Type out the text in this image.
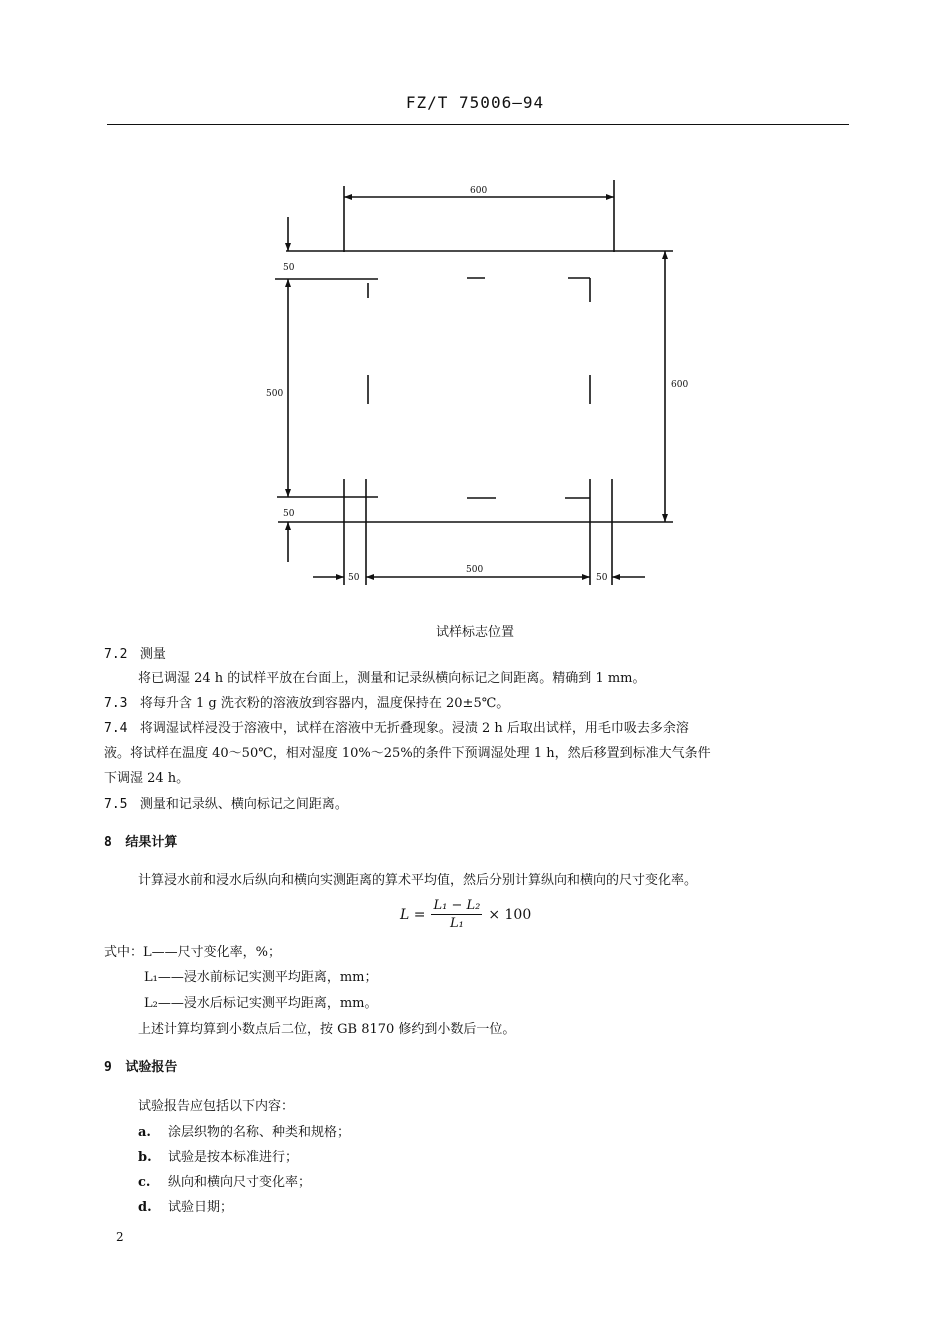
FZ/T 75006—94
600
600
50
500
50
50
500
50
试样标志位置
7.2 测量
将已调湿 24 h 的试样平放在台面上，测量和记录纵横向标记之间距离。精确到 1 mm。
7.3 将每升含 1 g 洗衣粉的溶液放到容器内，温度保持在 20±5℃。
7.4 将调湿试样浸没于溶液中，试样在溶液中无折叠现象。浸渍 2 h 后取出试样，用毛巾吸去多余溶
液。将试样在温度 40～50℃，相对湿度 10%～25%的条件下预调湿处理 1 h，然后移置到标准大气条件
下调湿 24 h。
7.5 测量和记录纵、横向标记之间距离。
8 结果计算
计算浸水前和浸水后纵向和横向实测距离的算术平均值，然后分别计算纵向和横向的尺寸变化率。
$L = \frac{\text{L₁ − L₂}}{\text{L₁}} \times 100$
式中：L——尺寸变化率，%；
L₁——浸水前标记实测平均距离，mm；
L₂——浸水后标记实测平均距离，mm。
上述计算均算到小数点后二位，按 GB 8170 修约到小数后一位。
9 试验报告
试验报告应包括以下内容：
a. 涂层织物的名称、种类和规格；
b. 试验是按本标准进行；
c. 纵向和横向尺寸变化率；
d. 试验日期；
2
